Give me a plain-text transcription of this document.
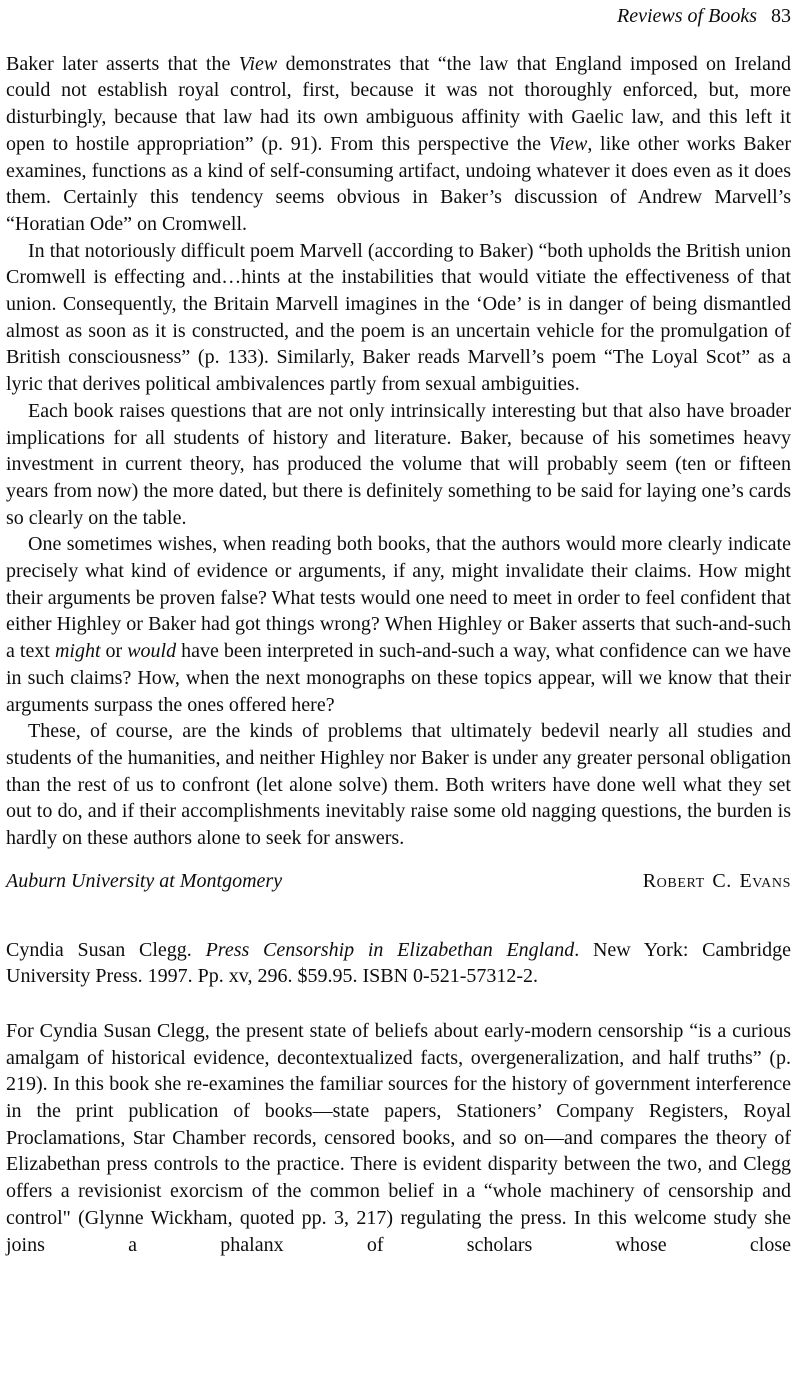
Reviews of Books 83

Baker later asserts that the View demonstrates that “the law that England imposed on Ireland could not establish royal control, first, because it was not thoroughly enforced, but, more disturbingly, because that law had its own ambiguous affinity with Gaelic law, and this left it open to hostile appropriation” (p. 91). From this perspective the View, like other works Baker examines, functions as a kind of self-consuming artifact, undoing whatever it does even as it does them. Certainly this tendency seems obvious in Baker’s discussion of Andrew Marvell’s “Horatian Ode” on Cromwell.

In that notoriously difficult poem Marvell (according to Baker) “both upholds the British union Cromwell is effecting and…hints at the instabilities that would vitiate the effectiveness of that union. Consequently, the Britain Marvell imagines in the ‘Ode’ is in danger of being dismantled almost as soon as it is constructed, and the poem is an uncertain vehicle for the promulgation of British consciousness” (p. 133). Similarly, Baker reads Marvell’s poem “The Loyal Scot” as a lyric that derives political ambivalences partly from sexual ambiguities.

Each book raises questions that are not only intrinsically interesting but that also have broader implications for all students of history and literature. Baker, because of his sometimes heavy investment in current theory, has produced the volume that will probably seem (ten or fifteen years from now) the more dated, but there is definitely something to be said for laying one’s cards so clearly on the table.

One sometimes wishes, when reading both books, that the authors would more clearly indicate precisely what kind of evidence or arguments, if any, might invalidate their claims. How might their arguments be proven false? What tests would one need to meet in order to feel confident that either Highley or Baker had got things wrong? When Highley or Baker asserts that such-and-such a text might or would have been interpreted in such-and-such a way, what confidence can we have in such claims? How, when the next monographs on these topics appear, will we know that their arguments surpass the ones offered here?

These, of course, are the kinds of problems that ultimately bedevil nearly all studies and students of the humanities, and neither Highley nor Baker is under any greater personal obligation than the rest of us to confront (let alone solve) them. Both writers have done well what they set out to do, and if their accomplishments inevitably raise some old nagging questions, the burden is hardly on these authors alone to seek for answers.

Auburn University at Montgomery	Robert C. Evans

Cyndia Susan Clegg. Press Censorship in Elizabethan England. New York: Cambridge University Press. 1997. Pp. xv, 296. $59.95. ISBN 0-521-57312-2.

For Cyndia Susan Clegg, the present state of beliefs about early-modern censorship “is a curious amalgam of historical evidence, decontextualized facts, overgeneralization, and half truths” (p. 219). In this book she re-examines the familiar sources for the history of government interference in the print publication of books—state papers, Stationers’ Company Registers, Royal Proclamations, Star Chamber records, censored books, and so on—and compares the theory of Elizabethan press controls to the practice. There is evident disparity between the two, and Clegg offers a revisionist exorcism of the common belief in a “whole machinery of censorship and control" (Glynne Wickham, quoted pp. 3, 217) regulating the press. In this welcome study she joins a phalanx of scholars whose close
